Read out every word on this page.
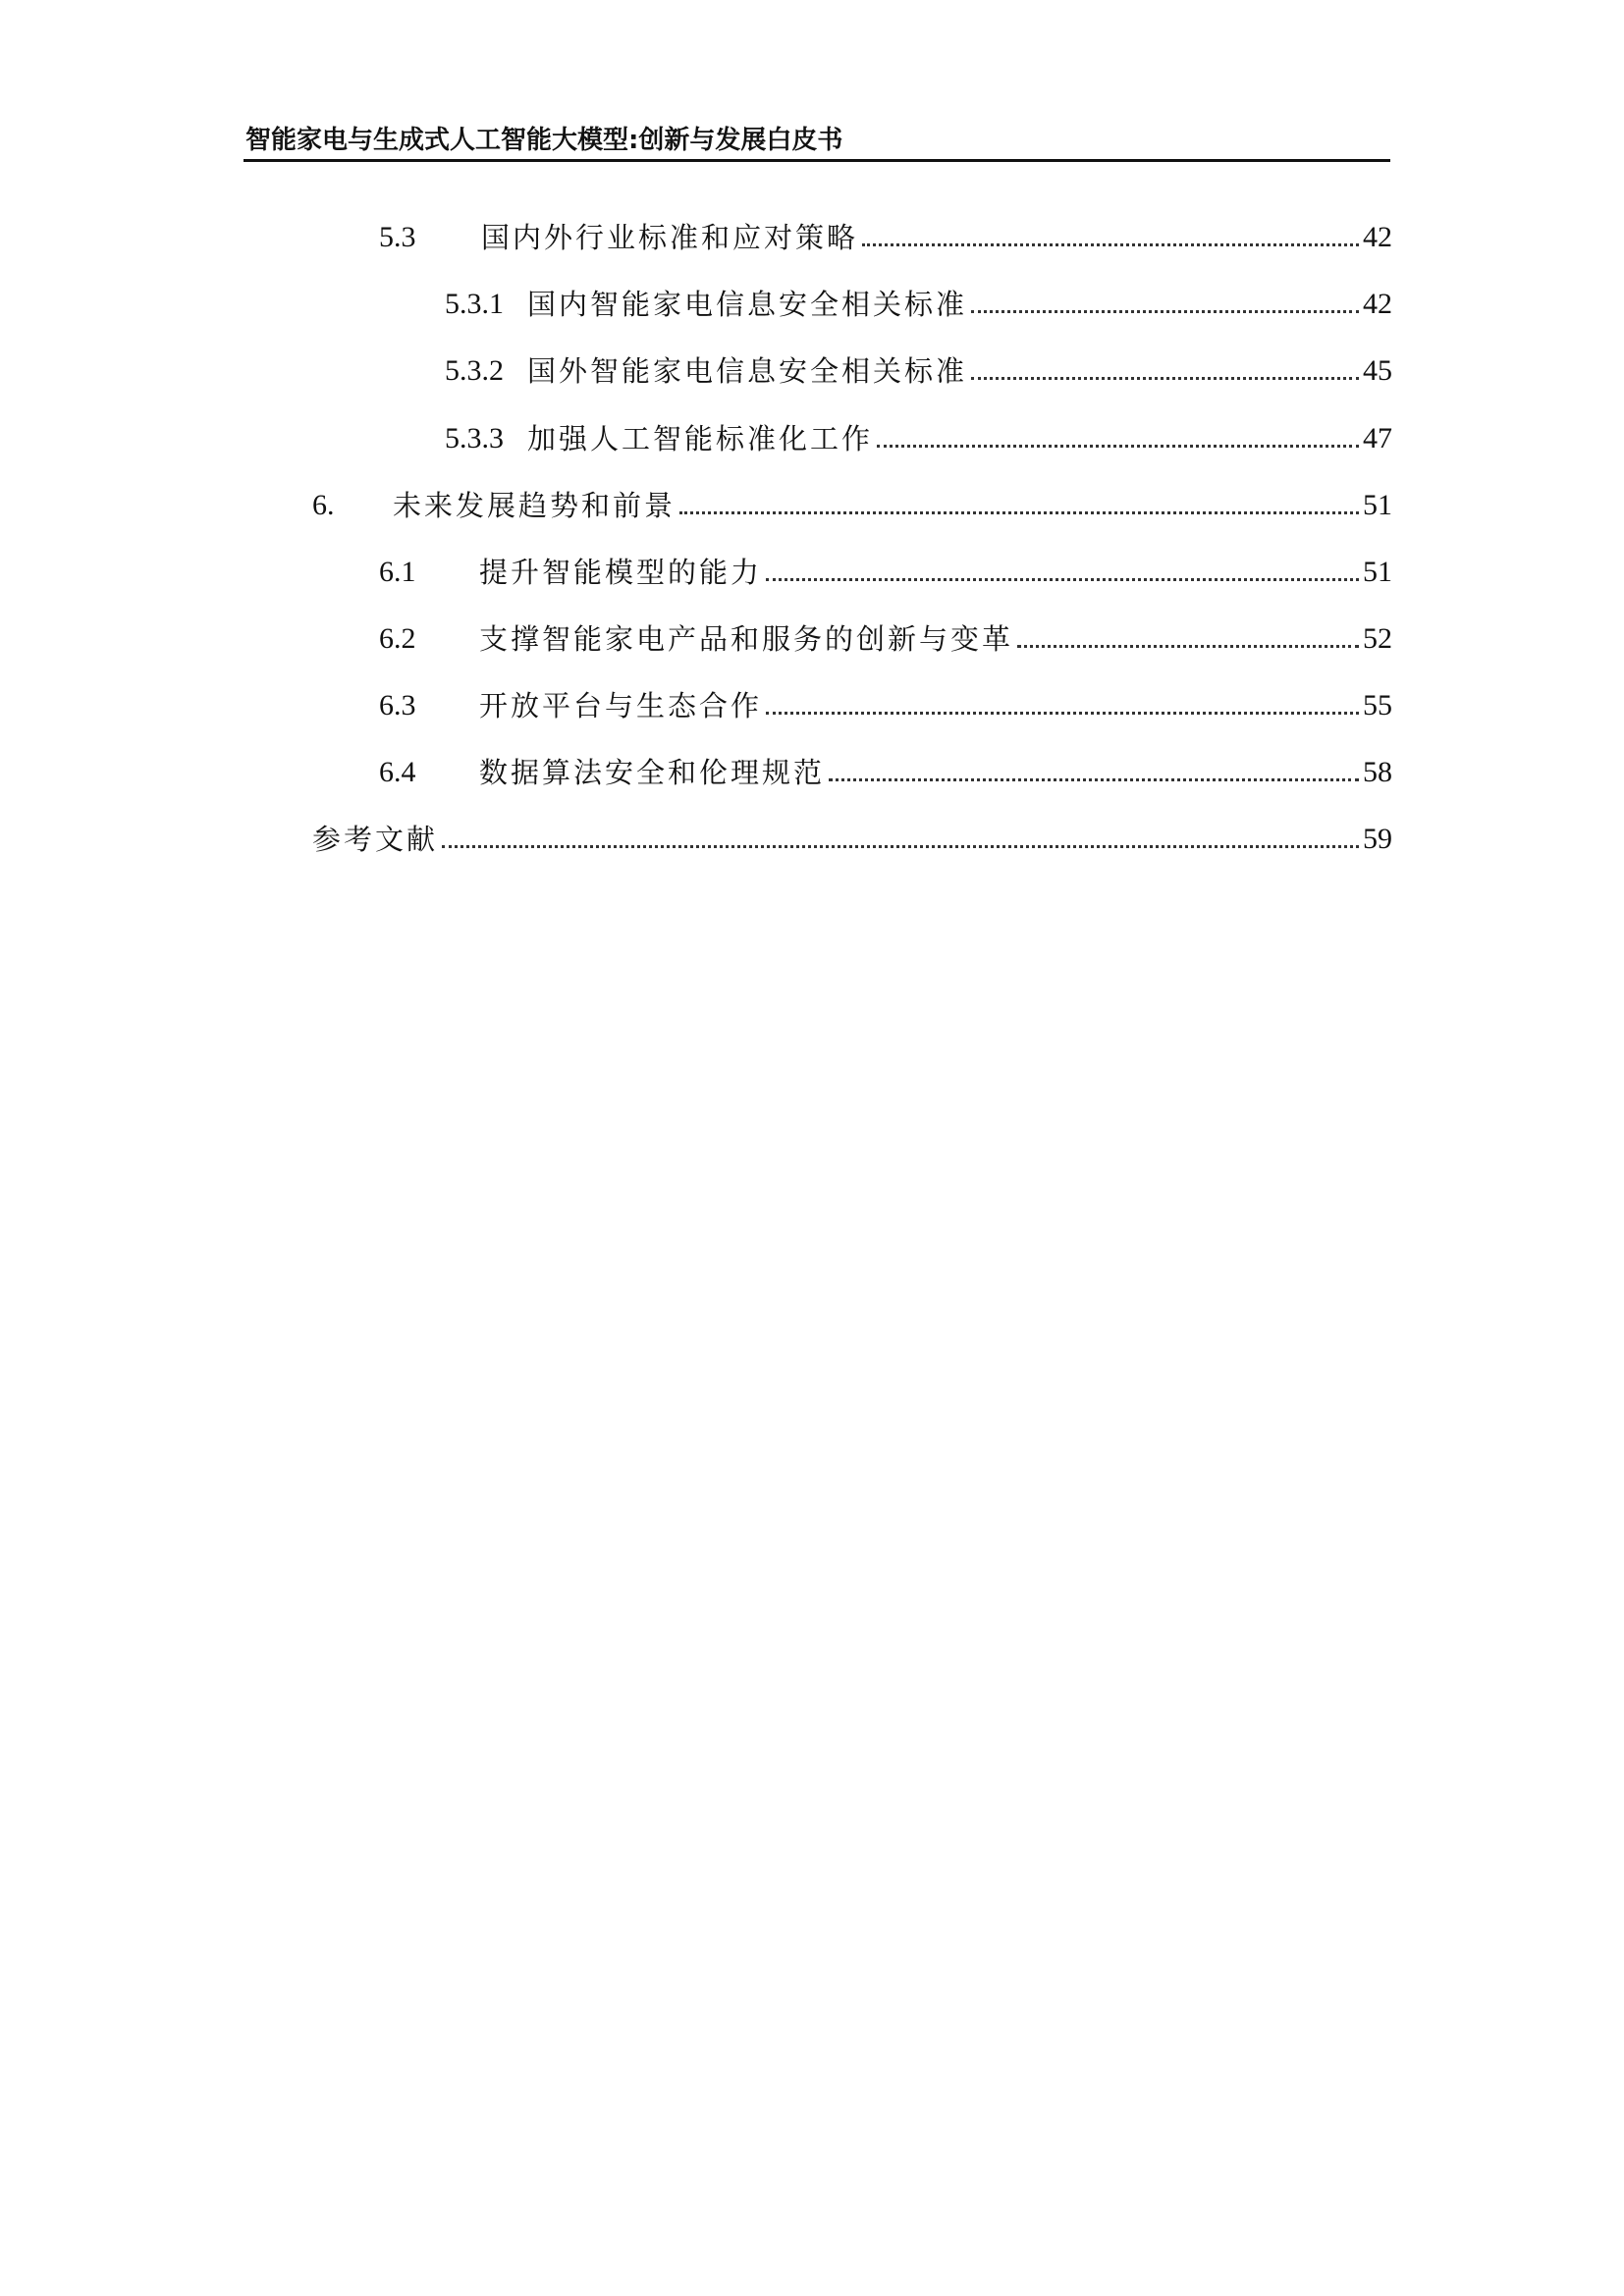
智能家电与生成式人工智能大模型:创新与发展白皮书
5.3	国内外行业标准和应对策略	42
5.3.1 国内智能家电信息安全相关标准	42
5.3.2 国外智能家电信息安全相关标准	45
5.3.3 加强人工智能标准化工作	47
6.	未来发展趋势和前景	51
6.1	提升智能模型的能力	51
6.2	支撑智能家电产品和服务的创新与变革	52
6.3	开放平台与生态合作	55
6.4	数据算法安全和伦理规范	58
参考文献	59
